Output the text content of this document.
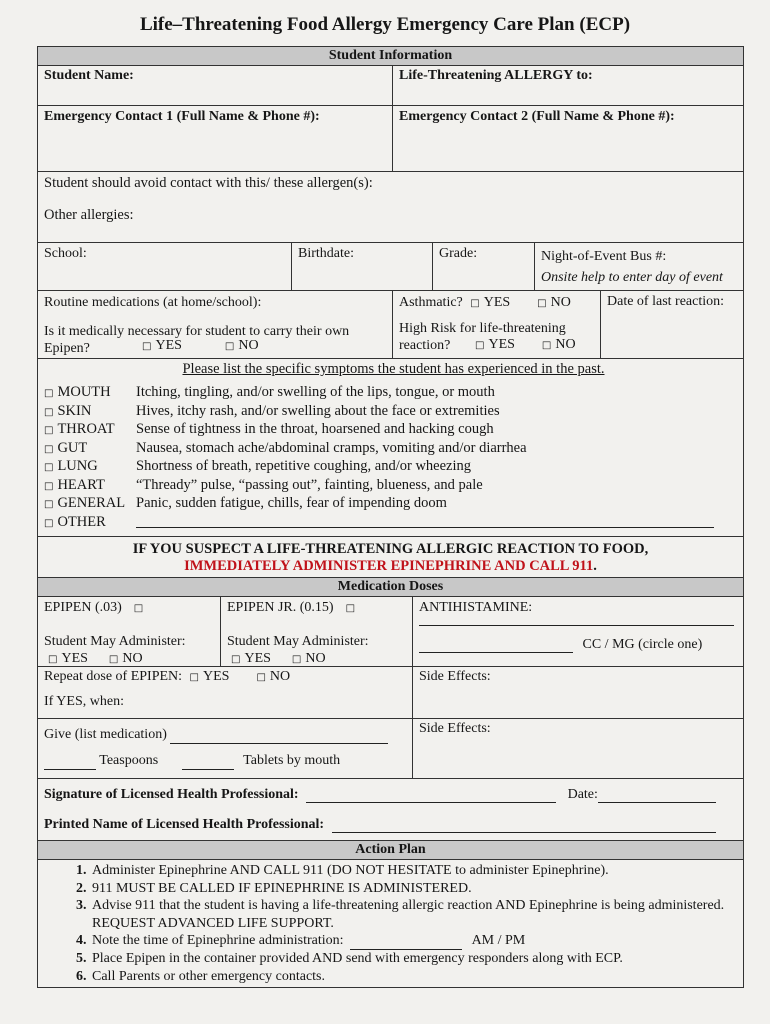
Life–Threatening Food Allergy Emergency Care Plan (ECP)
Student Information
Student Name:	Life-Threatening ALLERGY to:
Emergency Contact 1 (Full Name & Phone #):	Emergency Contact 2 (Full Name & Phone #):
Student should avoid contact with this/ these allergen(s):
Other allergies:
School:	Birthdate:	Grade:	Night-of-Event Bus #:
Onsite help to enter day of event
Routine medications (at home/school):
Is it medically necessary for student to carry their own Epipen?	□ YES	□ NO
Asthmatic? □ YES	□ NO
High Risk for life-threatening reaction?	□ YES	□ NO
Date of last reaction:
Please list the specific symptoms the student has experienced in the past.
□ MOUTH	Itching, tingling, and/or swelling of the lips, tongue, or mouth
□ SKIN	Hives, itchy rash, and/or swelling about the face or extremities
□ THROAT	Sense of tightness in the throat, hoarsened and hacking cough
□ GUT	Nausea, stomach ache/abdominal cramps, vomiting and/or diarrhea
□ LUNG	Shortness of breath, repetitive coughing, and/or wheezing
□ HEART	“Thready” pulse, “passing out”, fainting, blueness, and pale
□ GENERAL Panic, sudden fatigue, chills, fear of impending doom
□ OTHER
IF YOU SUSPECT A LIFE-THREATENING ALLERGIC REACTION TO FOOD,
IMMEDIATELY ADMINISTER EPINEPHRINE AND CALL 911.
Medication Doses
EPIPEN (.03) □
Student May Administer:
□ YES □ NO
EPIPEN JR. (0.15) □
Student May Administer:
□ YES □ NO
ANTIHISTAMINE:
CC / MG (circle one)
Repeat dose of EPIPEN: □ YES	□ NO
If YES, when:
Side Effects:
Give (list medication)
Teaspoons	Tablets by mouth
Side Effects:
Signature of Licensed Health Professional:	Date:
Printed Name of Licensed Health Professional:
Action Plan
1. Administer Epinephrine AND CALL 911 (DO NOT HESITATE to administer Epinephrine).
2. 911 MUST BE CALLED IF EPINEPHRINE IS ADMINISTERED.
3. Advise 911 that the student is having a life-threatening allergic reaction AND Epinephrine is being administered. REQUEST ADVANCED LIFE SUPPORT.
4. Note the time of Epinephrine administration:	AM / PM
5. Place Epipen in the container provided AND send with emergency responders along with ECP.
6. Call Parents or other emergency contacts.
